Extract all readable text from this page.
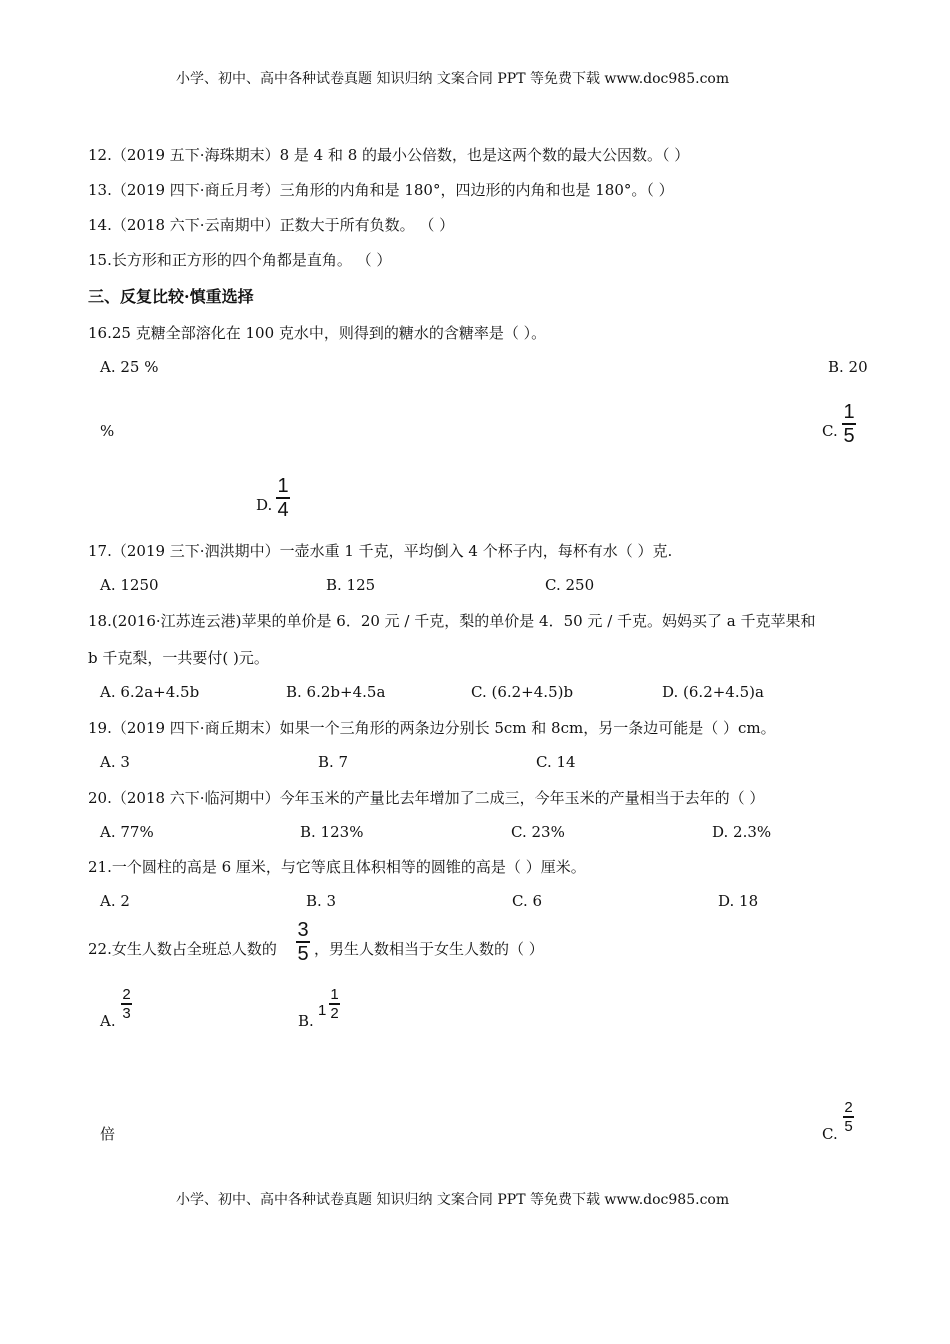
小学、初中、高中各种试卷真题 知识归纳 文案合同 PPT 等免费下载 www.doc985.com
12.（2019 五下·海珠期末）8 是 4 和 8 的最小公倍数，也是这两个数的最大公因数。（ ）
13.（2019 四下·商丘月考）三角形的内角和是 180°，四边形的内角和也是 180°。（ ）
14.（2018 六下·云南期中）正数大于所有负数。 （ ）
15.长方形和正方形的四个角都是直角。 （ ）
三、反复比较·慎重选择
16.25 克糖全部溶化在 100 克水中，则得到的糖水的含糖率是（ ）。
A. 25 %	B. 20
%	C.
1
5
D.
1
4
17.（2019 三下·泗洪期中）一壶水重 1 千克，平均倒入 4 个杯子内，每杯有水（ ）克.
A. 1250	B. 125	C. 250
18.(2016·江苏连云港)苹果的单价是 6．20 元 / 千克，梨的单价是 4．50 元 / 千克。妈妈买了 a 千克苹果和
b 千克梨，一共要付( )元。
A. 6.2a+4.5b	B. 6.2b+4.5a	C. (6.2+4.5)b	D. (6.2+4.5)a
19.（2019 四下·商丘期末）如果一个三角形的两条边分别长 5cm 和 8cm，另一条边可能是（ ）cm。
A. 3	B. 7	C. 14
20.（2018 六下·临河期中）今年玉米的产量比去年增加了二成三，今年玉米的产量相当于去年的（ ）
A. 77%	B. 123%	C. 23%	D. 2.3%
21.一个圆柱的高是 6 厘米，与它等底且体积相等的圆锥的高是（ ）厘米。
A. 2	B. 3	C. 6	D. 18
22.女生人数占全班总人数的
3
5 ，男生人数相当于女生人数的（ ）
A.
2
3	B.
1
1
2
倍	C.
2
5
小学、初中、高中各种试卷真题 知识归纳 文案合同 PPT 等免费下载 www.doc985.com
